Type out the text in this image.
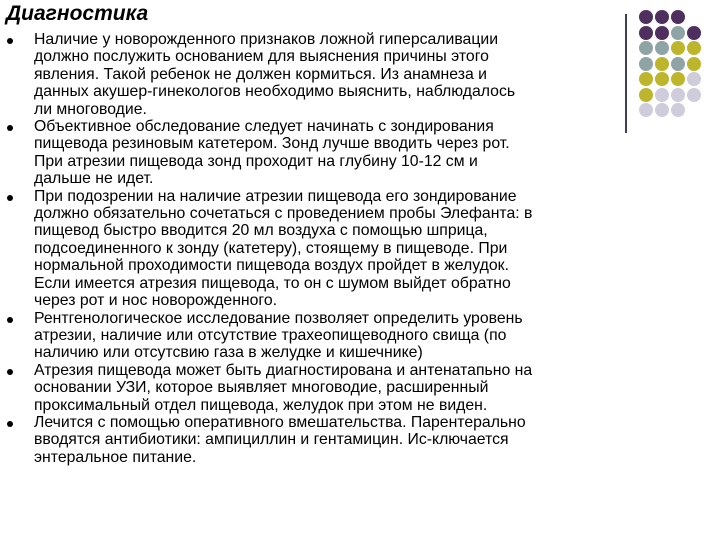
Диагностика
Наличие у новорожденного признаков ложной гиперсаливации
должно послужить основанием для выяснения причины этого
явления. Такой ребенок не должен кормиться. Из анамнеза и
данных акушер-гинекологов необходимо выяснить, наблюдалось
ли многоводие.
Объективное обследование следует начинать с зондирования
пищевода резиновым катетером. Зонд лучше вводить через рот.
При атрезии пищевода зонд проходит на глубину 10-12 см и
дальше не идет.
При подозрении на наличие атрезии пищевода его зондирование
должно обязательно сочетаться с проведением пробы Элефанта: в
пищевод быстро вводится 20 мл воздуха с помощью шприца,
подсоединенного к зонду (катетеру), стоящему в пищеводе. При
нормальной проходимости пищевода воздух пройдет в желудок.
Если имеется атрезия пищевода, то он с шумом выйдет обратно
через рот и нос новорожденного.
Рентгенологическое исследование позволяет определить уровень
атрезии, наличие или отсутствие трахеопищеводного свища (по
наличию или отсутсвию газа в желудке и кишечнике)
Атрезия пищевода может быть диагностирована и антенатапьно на
основании УЗИ, которое выявляет многоводие, расширенный
проксимальный отдел пищевода, желудок при этом не виден.
Лечится с помощью оперативного вмешательства. Парентерально
вводятся антибиотики: ампициллин и гентамицин. Ис-ключается
энтеральное питание.
